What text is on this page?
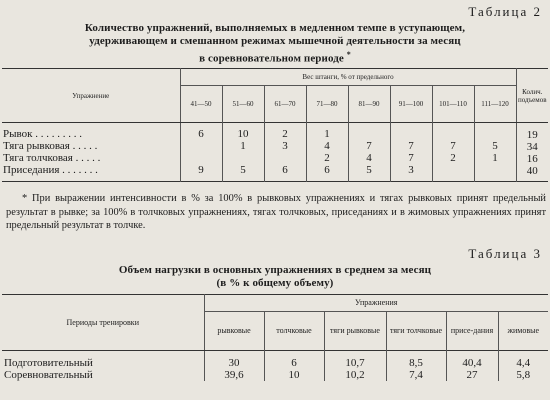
Таблица 2
Количество упражнений, выполняемых в медленном темпе в уступающем,
удерживающем и смешанном режимах мышечной деятельности за месяц
в соревновательном периоде *
Упражнение	Вес штанги, % от предельного								Колич. подъемов
	41—50	51—60	61—70	71—80	81—90	91—100	101—110	111—120	
Рывок . . . . . . . . .	6	10	2	1					19
Тяга рывковая . . . . .		1	3	4	7	7	7	5	34
Тяга толчковая . . . . .				2	4	7	2	1	16
Приседания . . . . . . .	9	5	6	6	5	3			40
* При выражении интенсивности в % за 100% в рывковых упражнениях и тягах рывковых принят предельный результат в рывке; за 100% в толчковых упражнениях, тягах толчковых, приседаниях и в жимовых упражнениях принят предельный результат в толчке.
Таблица 3
Объем нагрузки в основных упражнениях в среднем за месяц
(в % к общему объему)
Периоды тренировки	Упражнения					
	рывковые	толчковые	тяги рывковые	тяги толчковые	присе-дания	жимовые
Подготовительный	30	6	10,7	8,5	40,4	4,4
Соревновательный	39,6	10	10,2	7,4	27	5,8
